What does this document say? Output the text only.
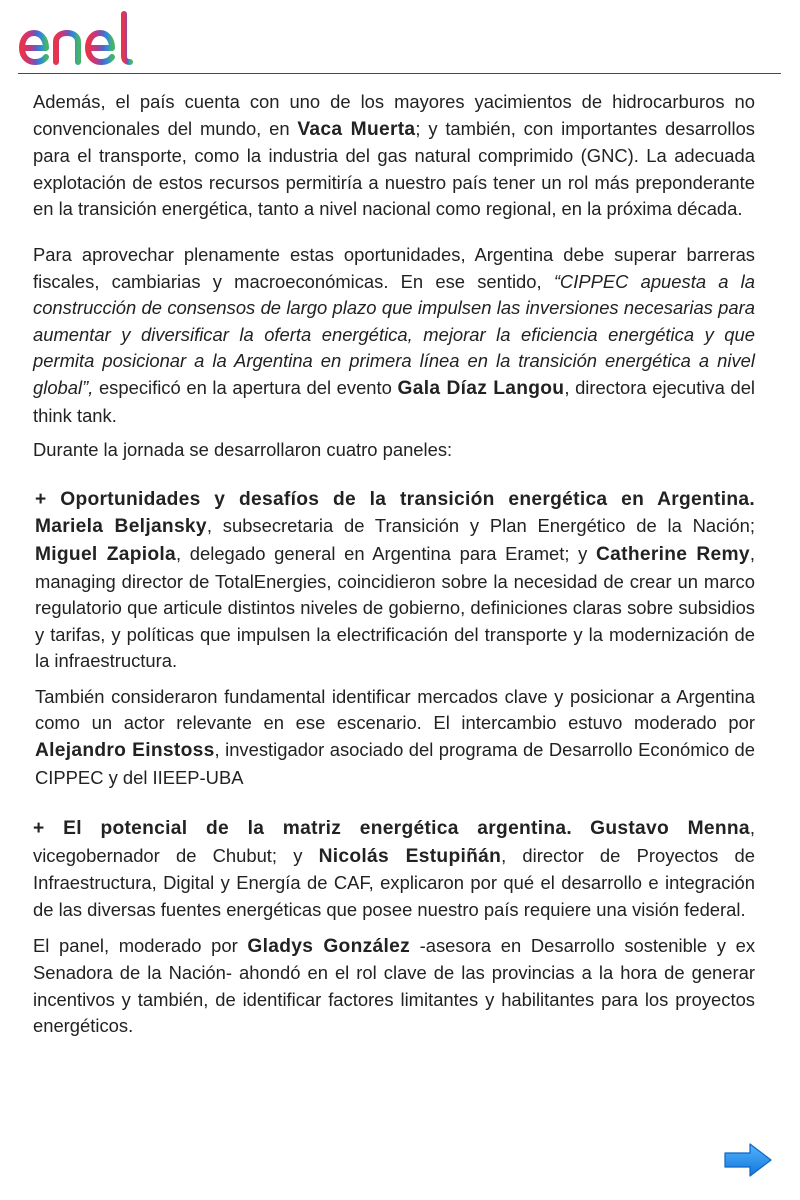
Además, el país cuenta con uno de los mayores yacimientos de hidrocarburos no convencionales del mundo, en Vaca Muerta; y también, con importantes desarrollos para el transporte, como la industria del gas natural comprimido (GNC). La adecuada explotación de estos recursos permitiría a nuestro país tener un rol más preponderante en la transición energética, tanto a nivel nacional como regional, en la próxima década.

Para aprovechar plenamente estas oportunidades, Argentina debe superar barreras fiscales, cambiarias y macroeconómicas. En ese sentido, “CIPPEC apuesta a la construcción de consensos de largo plazo que impulsen las inversiones necesarias para aumentar y diversificar la oferta energética, mejorar la eficiencia energética y que permita posicionar a la Argentina en primera línea en la transición energética a nivel global”, especificó en la apertura del evento Gala Díaz Langou, directora ejecutiva del think tank.

Durante la jornada se desarrollaron cuatro paneles:

+ Oportunidades y desafíos de la transición energética en Argentina. Mariela Beljansky, subsecretaria de Transición y Plan Energético de la Nación; Miguel Zapiola, delegado general en Argentina para Eramet; y Catherine Remy, managing director de TotalEnergies, coincidieron sobre la necesidad de crear un marco regulatorio que articule distintos niveles de gobierno, definiciones claras sobre subsidios y tarifas, y políticas que impulsen la electrificación del transporte y la modernización de la infraestructura.

También consideraron fundamental identificar mercados clave y posicionar a Argentina como un actor relevante en ese escenario. El intercambio estuvo moderado por Alejandro Einstoss, investigador asociado del programa de Desarrollo Económico de CIPPEC y del IIEEP-UBA

+ El potencial de la matriz energética argentina. Gustavo Menna, vicegobernador de Chubut; y Nicolás Estupiñán, director de Proyectos de Infraestructura, Digital y Energía de CAF, explicaron por qué el desarrollo e integración de las diversas fuentes energéticas que posee nuestro país requiere una visión federal.

El panel, moderado por Gladys González -asesora en Desarrollo sostenible y ex Senadora de la Nación- ahondó en el rol clave de las provincias a la hora de generar incentivos y también, de identificar factores limitantes y habilitantes para los proyectos energéticos.
